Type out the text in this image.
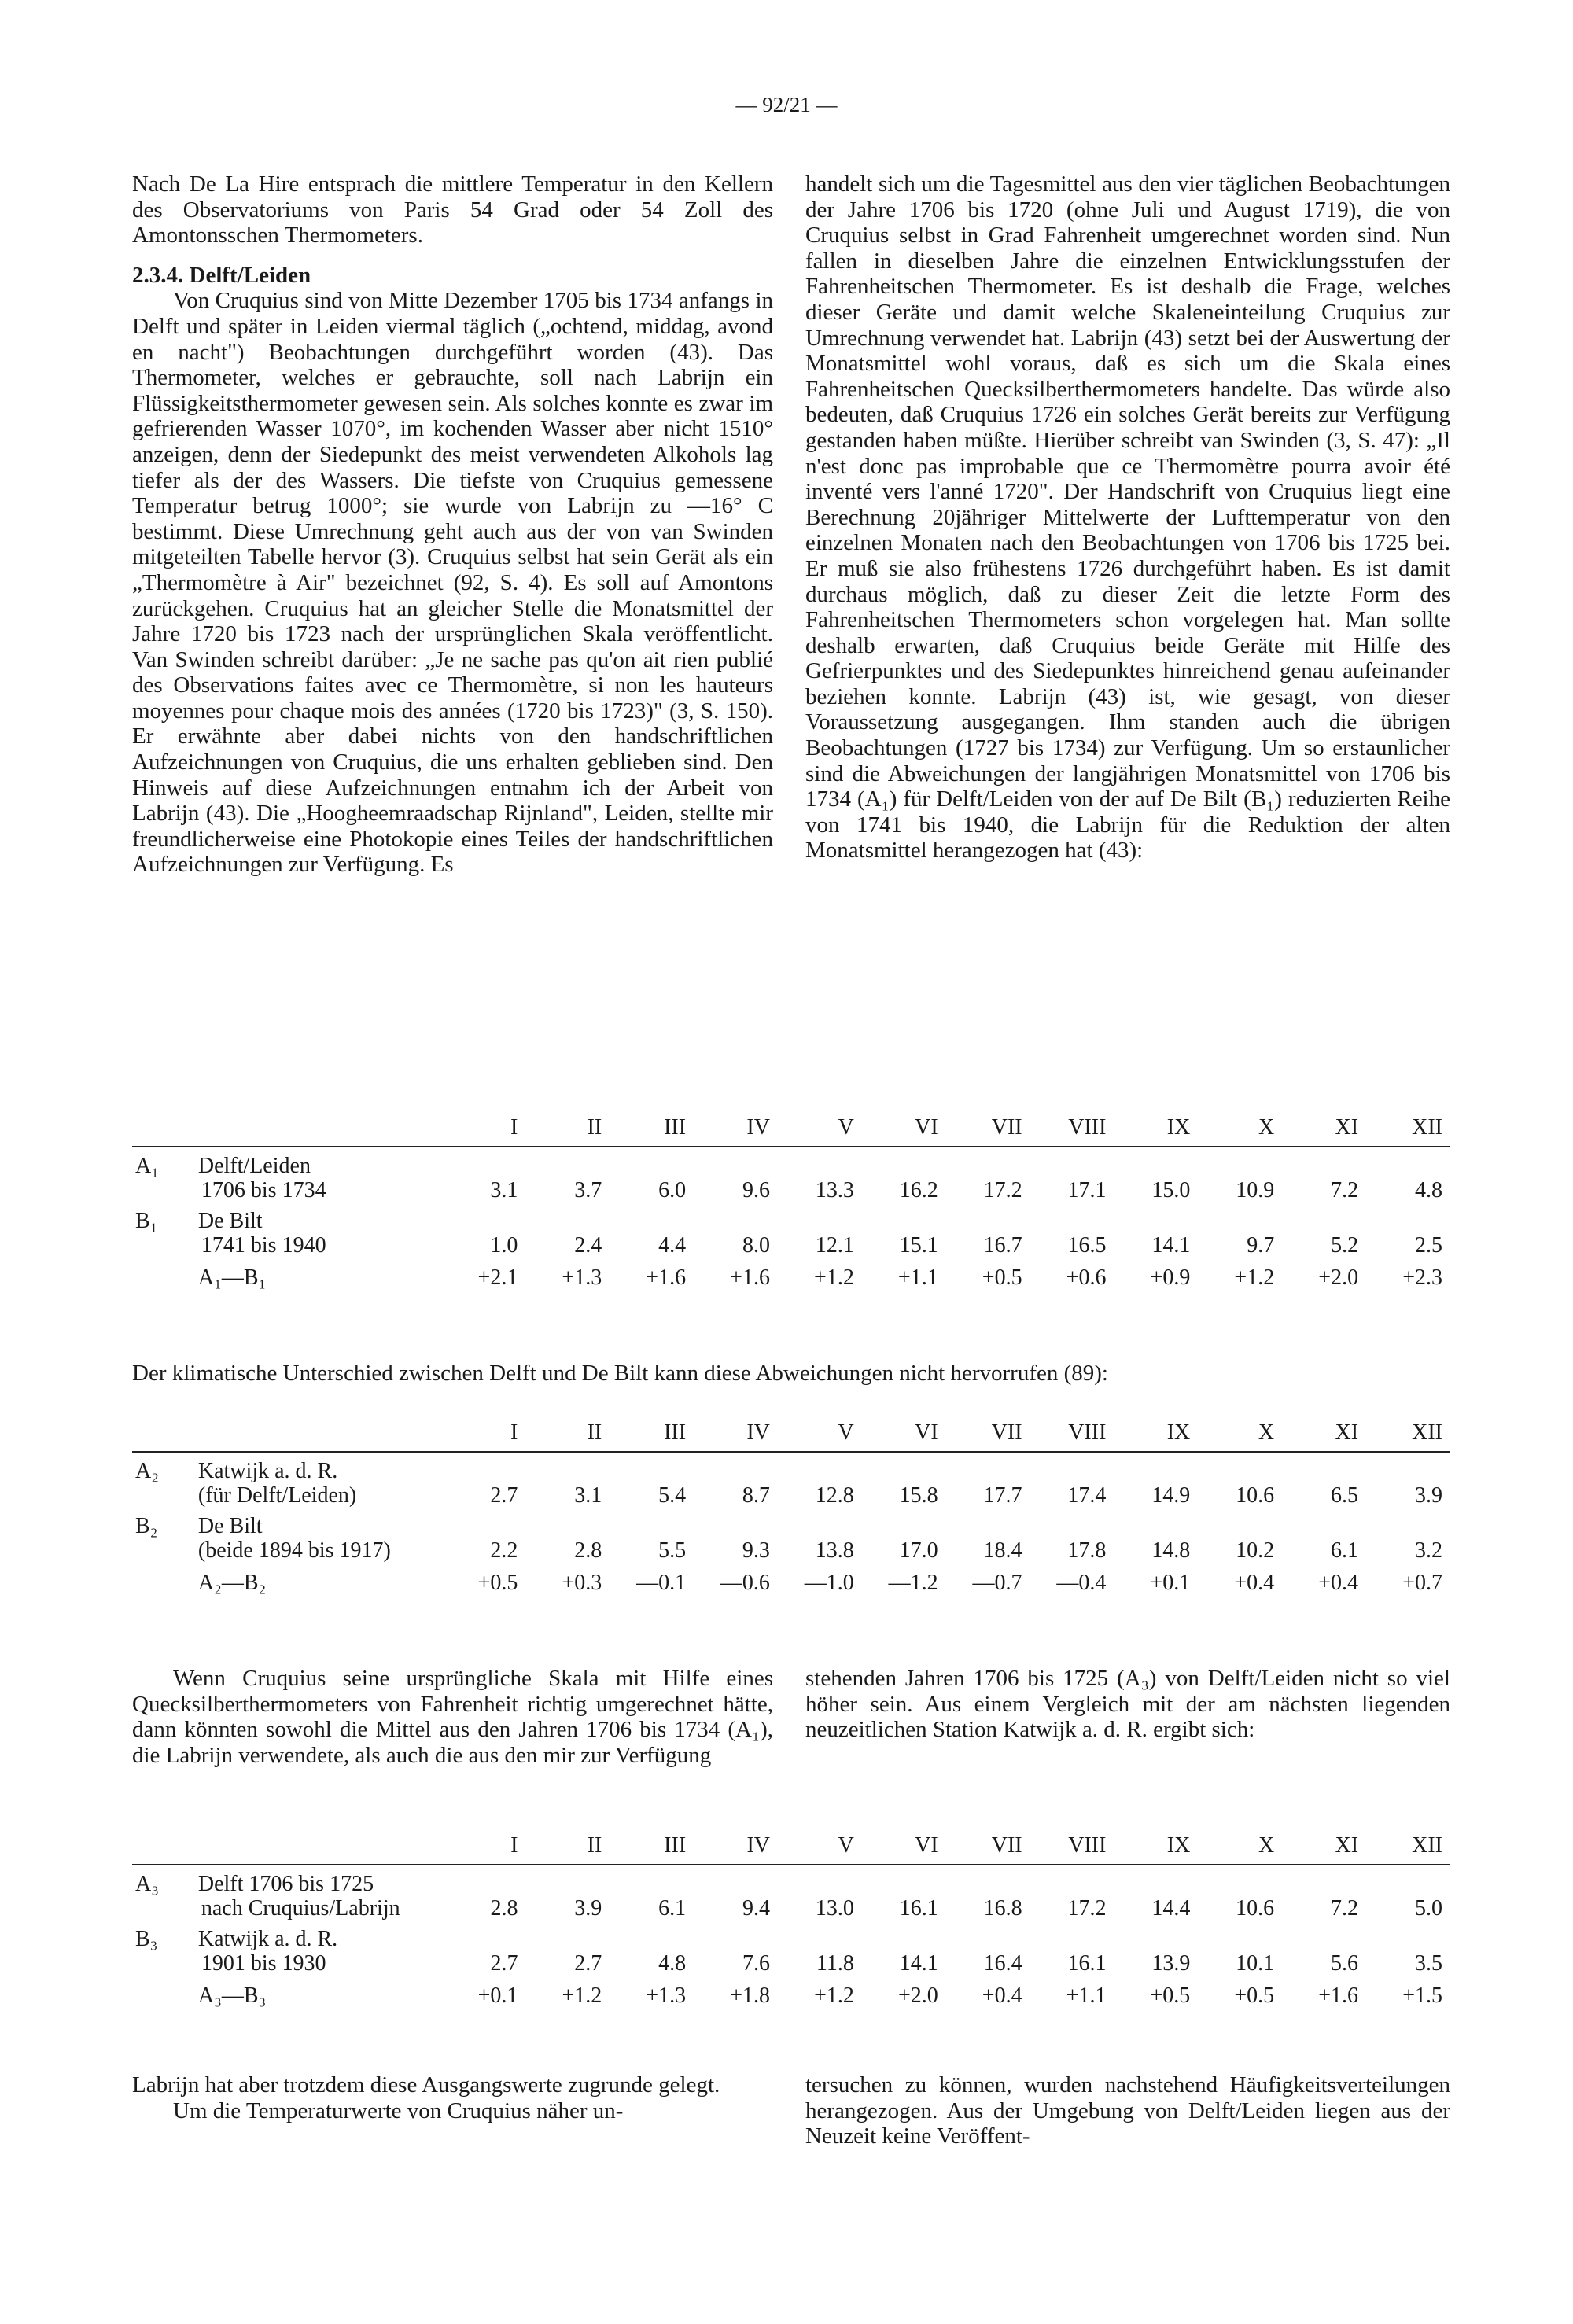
— 92/21 —

Nach De La Hire entsprach die mittlere Temperatur in den Kellern des Observatoriums von Paris 54 Grad oder 54 Zoll des Amontonsschen Thermometers.

2.3.4. Delft/Leiden

Von Cruquius sind von Mitte Dezember 1705 bis 1734 anfangs in Delft und später in Leiden viermal täglich („ochtend, middag, avond en nacht") Beobachtungen durchgeführt worden (43). Das Thermometer, welches er gebrauchte, soll nach Labrijn ein Flüssigkeitsthermometer gewesen sein. Als solches konnte es zwar im gefrierenden Wasser 1070°, im kochenden Wasser aber nicht 1510° anzeigen, denn der Siedepunkt des meist verwendeten Alkohols lag tiefer als der des Wassers. Die tiefste von Cruquius gemessene Temperatur betrug 1000°; sie wurde von Labrijn zu —16° C bestimmt. Diese Umrechnung geht auch aus der von van Swinden mitgeteilten Tabelle hervor (3). Cruquius selbst hat sein Gerät als ein „Thermomètre à Air" bezeichnet (92, S. 4). Es soll auf Amontons zurückgehen. Cruquius hat an gleicher Stelle die Monatsmittel der Jahre 1720 bis 1723 nach der ursprünglichen Skala veröffentlicht. Van Swinden schreibt darüber: „Je ne sache pas qu'on ait rien publié des Observations faites avec ce Thermomètre, si non les hauteurs moyennes pour chaque mois des années (1720 bis 1723)" (3, S. 150). Er erwähnte aber dabei nichts von den handschriftlichen Aufzeichnungen von Cruquius, die uns erhalten geblieben sind. Den Hinweis auf diese Aufzeichnungen entnahm ich der Arbeit von Labrijn (43). Die „Hoogheemraadschap Rijnland", Leiden, stellte mir freundlicherweise eine Photokopie eines Teiles der handschriftlichen Aufzeichnungen zur Verfügung. Es

handelt sich um die Tagesmittel aus den vier täglichen Beobachtungen der Jahre 1706 bis 1720 (ohne Juli und August 1719), die von Cruquius selbst in Grad Fahrenheit umgerechnet worden sind. Nun fallen in dieselben Jahre die einzelnen Entwicklungsstufen der Fahrenheitschen Thermometer. Es ist deshalb die Frage, welches dieser Geräte und damit welche Skaleneinteilung Cruquius zur Umrechnung verwendet hat. Labrijn (43) setzt bei der Auswertung der Monatsmittel wohl voraus, daß es sich um die Skala eines Fahrenheitschen Quecksilberthermometers handelte. Das würde also bedeuten, daß Cruquius 1726 ein solches Gerät bereits zur Verfügung gestanden haben müßte. Hierüber schreibt van Swinden (3, S. 47): „Il n'est donc pas improbable que ce Thermomètre pourra avoir été inventé vers l'anné 1720". Der Handschrift von Cruquius liegt eine Berechnung 20jähriger Mittelwerte der Lufttemperatur von den einzelnen Monaten nach den Beobachtungen von 1706 bis 1725 bei. Er muß sie also frühestens 1726 durchgeführt haben. Es ist damit durchaus möglich, daß zu dieser Zeit die letzte Form des Fahrenheitschen Thermometers schon vorgelegen hat. Man sollte deshalb erwarten, daß Cruquius beide Geräte mit Hilfe des Gefrierpunktes und des Siedepunktes hinreichend genau aufeinander beziehen konnte. Labrijn (43) ist, wie gesagt, von dieser Voraussetzung ausgegangen. Ihm standen auch die übrigen Beobachtungen (1727 bis 1734) zur Verfügung. Um so erstaunlicher sind die Abweichungen der langjährigen Monatsmittel von 1706 bis 1734 (A₁) für Delft/Leiden von der auf De Bilt (B₁) reduzierten Reihe von 1741 bis 1940, die Labrijn für die Reduktion der alten Monatsmittel herangezogen hat (43):

		I	II	III	IV	V	VI	VII	VIII	IX	X	XI	XII
A₁	Delft/Leiden
1706 bis 1734	3.1	3.7	6.0	9.6	13.3	16.2	17.2	17.1	15.0	10.9	7.2	4.8
B₁	De Bilt
1741 bis 1940	1.0	2.4	4.4	8.0	12.1	15.1	16.7	16.5	14.1	9.7	5.2	2.5
	A₁—B₁	+2.1	+1.3	+1.6	+1.6	+1.2	+1.1	+0.5	+0.6	+0.9	+1.2	+2.0	+2.3
Der klimatische Unterschied zwischen Delft und De Bilt kann diese Abweichungen nicht hervorrufen (89):
		I	II	III	IV	V	VI	VII	VIII	IX	X	XI	XII
A₂	Katwijk a. d. R.
(für Delft/Leiden)	2.7	3.1	5.4	8.7	12.8	15.8	17.7	17.4	14.9	10.6	6.5	3.9
B₂	De Bilt
(beide 1894 bis 1917)	2.2	2.8	5.5	9.3	13.8	17.0	18.4	17.8	14.8	10.2	6.1	3.2
	A₂—B₂	+0.5	+0.3	—0.1	—0.6	—1.0	—1.2	—0.7	—0.4	+0.1	+0.4	+0.4	+0.7

Wenn Cruquius seine ursprüngliche Skala mit Hilfe eines Quecksilberthermometers von Fahrenheit richtig umgerechnet hätte, dann könnten sowohl die Mittel aus den Jahren 1706 bis 1734 (A₁), die Labrijn verwendete, als auch die aus den mir zur Verfügung

stehenden Jahren 1706 bis 1725 (A₃) von Delft/Leiden nicht so viel höher sein. Aus einem Vergleich mit der am nächsten liegenden neuzeitlichen Station Katwijk a. d. R. ergibt sich:

		I	II	III	IV	V	VI	VII	VIII	IX	X	XI	XII
A₃	Delft 1706 bis 1725
nach Cruquius/Labrijn	2.8	3.9	6.1	9.4	13.0	16.1	16.8	17.2	14.4	10.6	7.2	5.0
B₃	Katwijk a. d. R.
1901 bis 1930	2.7	2.7	4.8	7.6	11.8	14.1	16.4	16.1	13.9	10.1	5.6	3.5
	A₃—B₃	+0.1	+1.2	+1.3	+1.8	+1.2	+2.0	+0.4	+1.1	+0.5	+0.5	+1.6	+1.5

Labrijn hat aber trotzdem diese Ausgangswerte zugrunde gelegt.

Um die Temperaturwerte von Cruquius näher un-

tersuchen zu können, wurden nachstehend Häufigkeitsverteilungen herangezogen. Aus der Umgebung von Delft/Leiden liegen aus der Neuzeit keine Veröffent-
